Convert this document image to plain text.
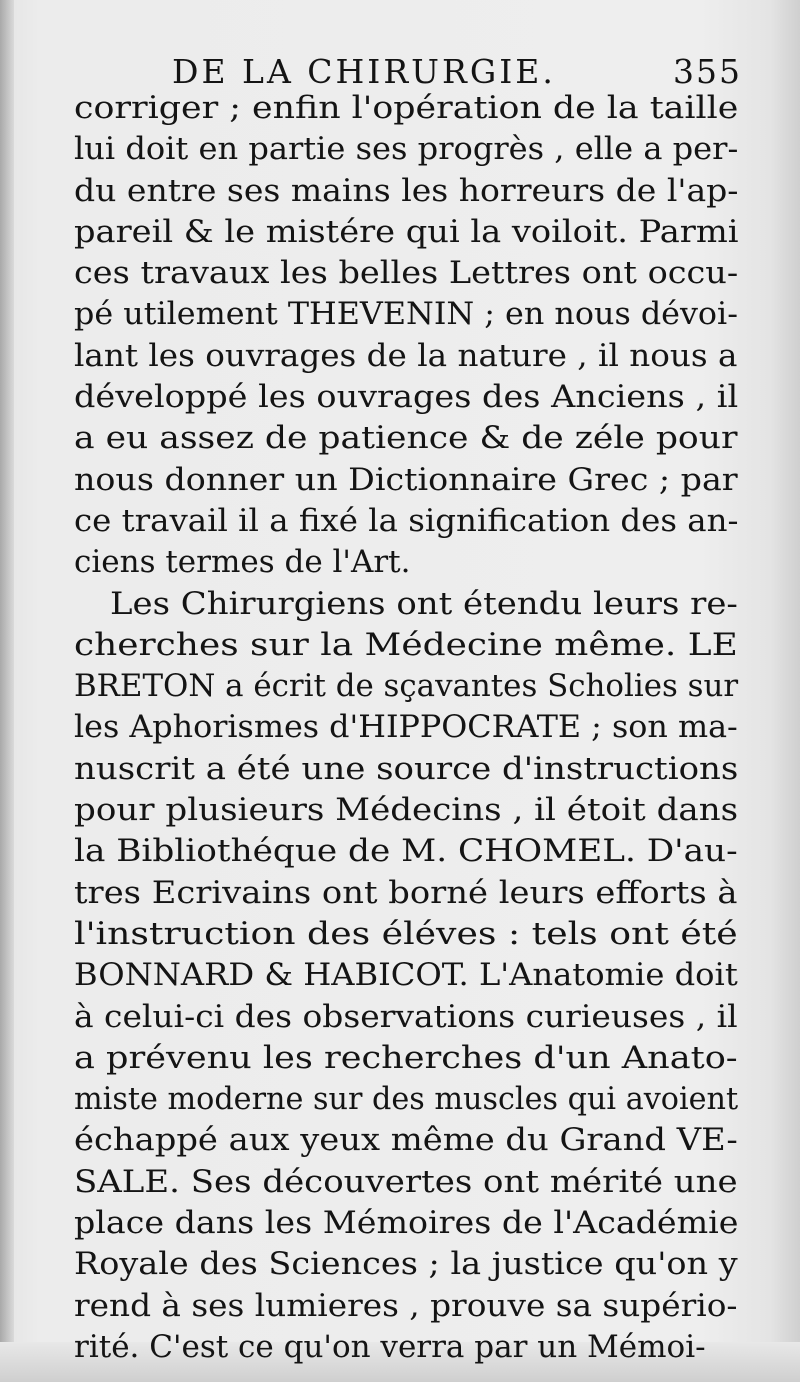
DE LA CHIRURGIE.	355
corriger ; enfin l'opération de la taille
lui doit en partie ses progrès , elle a per-
du entre ses mains les horreurs de l'ap-
pareil & le mistére qui la voiloit. Parmi
ces travaux les belles Lettres ont occu-
pé utilement THEVENIN ; en nous dévoi-
lant les ouvrages de la nature , il nous a
développé les ouvrages des Anciens , il
a eu assez de patience & de zéle pour
nous donner un Dictionnaire Grec ; par
ce travail il a fixé la signification des an-
ciens termes de l'Art.
Les Chirurgiens ont étendu leurs re-
cherches sur la Médecine même. LE
BRETON a écrit de sçavantes Scholies sur
les Aphorismes d'HIPPOCRATE ; son ma-
nuscrit a été une source d'instructions
pour plusieurs Médecins , il étoit dans
la Bibliothéque de M. CHOMEL. D'au-
tres Ecrivains ont borné leurs efforts à
l'instruction des éléves : tels ont été
BONNARD & HABICOT. L'Anatomie doit
à celui-ci des observations curieuses , il
a prévenu les recherches d'un Anato-
miste moderne sur des muscles qui avoient
échappé aux yeux même du Grand VE-
SALE. Ses découvertes ont mérité une
place dans les Mémoires de l'Académie
Royale des Sciences ; la justice qu'on y
rend à ses lumieres , prouve sa supério-
rité. C'est ce qu'on verra par un Mémoi-
